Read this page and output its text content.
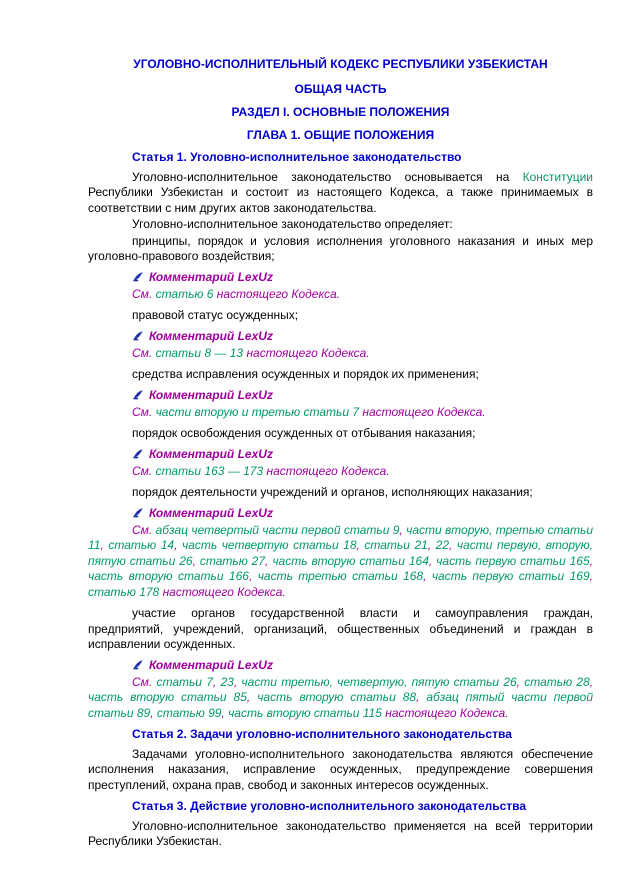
УГОЛОВНО-ИСПОЛНИТЕЛЬНЫЙ КОДЕКС РЕСПУБЛИКИ УЗБЕКИСТАН
ОБЩАЯ ЧАСТЬ
РАЗДЕЛ I. ОСНОВНЫЕ ПОЛОЖЕНИЯ
ГЛАВА 1. ОБЩИЕ ПОЛОЖЕНИЯ

Статья 1. Уголовно-исполнительное законодательство

Уголовно-исполнительное законодательство основывается на Конституции Республики Узбекистан и состоит из настоящего Кодекса, а также принимаемых в соответствии с ним других актов законодательства.

Уголовно-исполнительное законодательство определяет:

принципы, порядок и условия исполнения уголовного наказания и иных мер уголовно-правового воздействия;

Комментарий LexUz

См. статью 6 настоящего Кодекса.

правовой статус осужденных;

Комментарий LexUz

См. статьи 8 — 13 настоящего Кодекса.

средства исправления осужденных и порядок их применения;

Комментарий LexUz

См. части вторую и третью статьи 7 настоящего Кодекса.

порядок освобождения осужденных от отбывания наказания;

Комментарий LexUz

См. статьи 163 — 173 настоящего Кодекса.

порядок деятельности учреждений и органов, исполняющих наказания;

Комментарий LexUz

См. абзац четвертый части первой статьи 9, части вторую, третью статьи 11, статью 14, часть четвертую статьи 18, статьи 21, 22, части первую, вторую, пятую статьи 26, статью 27, часть вторую статьи 164, часть первую статьи 165, часть вторую статьи 166, часть третью статьи 168, часть первую статьи 169, статью 178 настоящего Кодекса.

участие органов государственной власти и самоуправления граждан, предприятий, учреждений, организаций, общественных объединений и граждан в исправлении осужденных.

Комментарий LexUz

См. статьи 7, 23, части третью, четвертую, пятую статьи 26, статью 28, часть вторую статьи 85, часть вторую статьи 88, абзац пятый части первой статьи 89, статью 99, часть вторую статьи 115 настоящего Кодекса.

Статья 2. Задачи уголовно-исполнительного законодательства

Задачами уголовно-исполнительного законодательства являются обеспечение исполнения наказания, исправление осужденных, предупреждение совершения преступлений, охрана прав, свобод и законных интересов осужденных.

Статья 3. Действие уголовно-исполнительного законодательства

Уголовно-исполнительное законодательство применяется на всей территории Республики Узбекистан.
